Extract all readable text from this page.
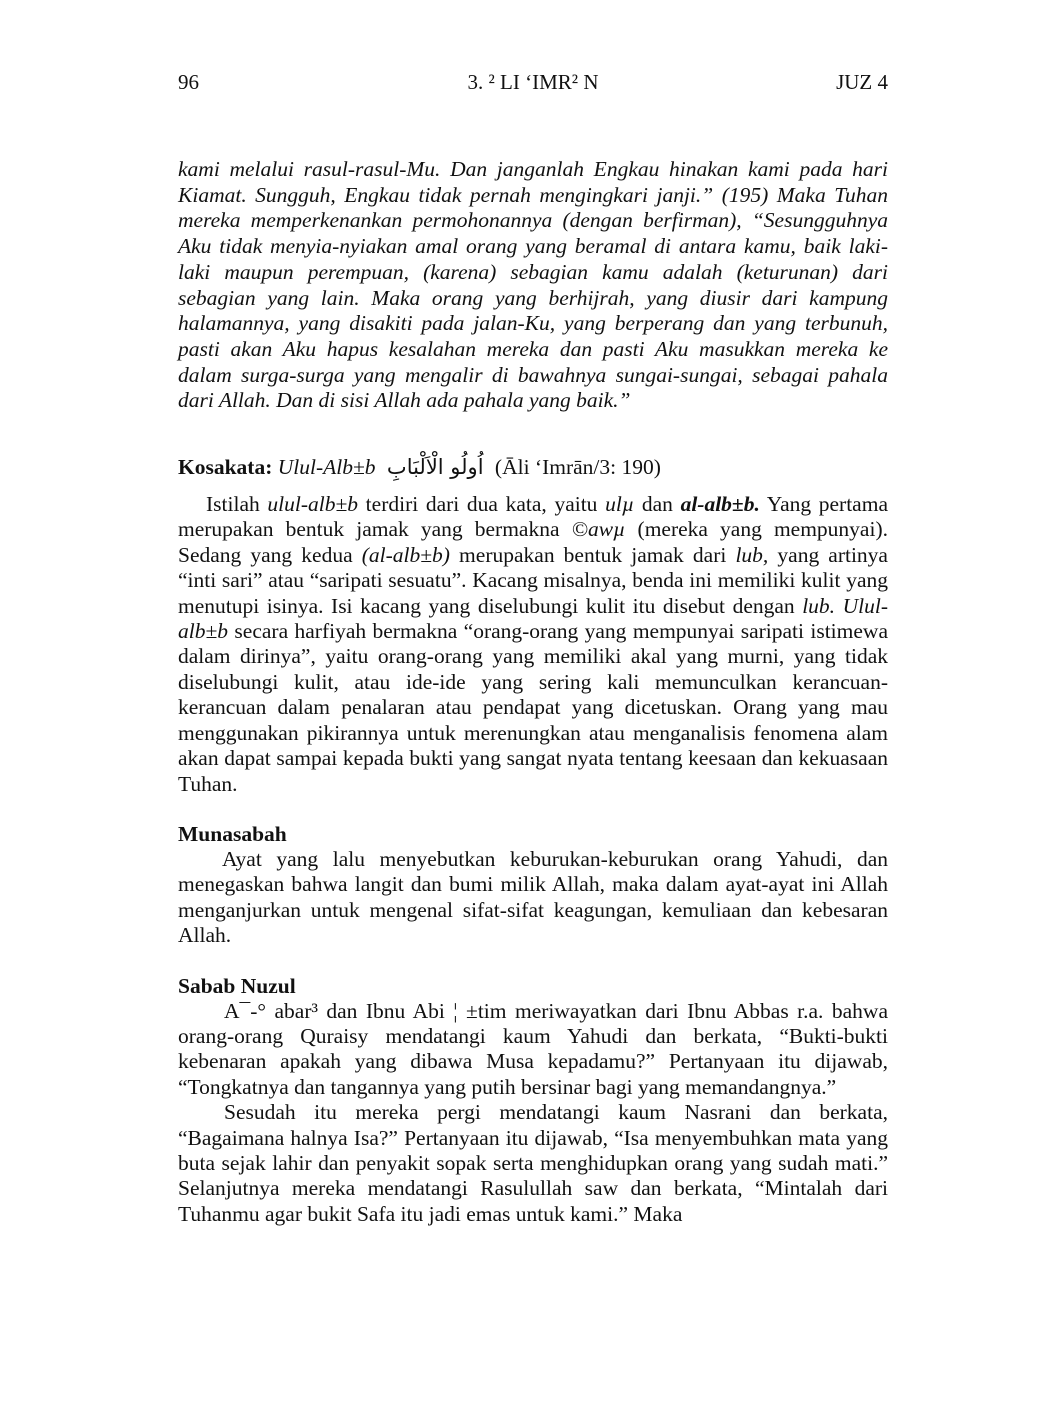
96	3. ² LI ‘IMR² N	JUZ 4

kami melalui rasul-rasul-Mu. Dan janganlah Engkau hinakan kami pada hari Kiamat. Sungguh, Engkau tidak pernah mengingkari janji.” (195) Maka Tuhan mereka memperkenankan permohonannya (dengan berfirman), “Sesungguhnya Aku tidak menyia-nyiakan amal orang yang beramal di antara kamu, baik laki-laki maupun perempuan, (karena) sebagian kamu adalah (keturunan) dari sebagian yang lain. Maka orang yang berhijrah, yang diusir dari kampung halamannya, yang disakiti pada jalan-Ku, yang berperang dan yang terbunuh, pasti akan Aku hapus kesalahan mereka dan pasti Aku masukkan mereka ke dalam surga-surga yang mengalir di bawahnya sungai-sungai, sebagai pahala dari Allah. Dan di sisi Allah ada pahala yang baik.”

Kosakata: Ulul-Alb±b اُولُو الْاَلْبَابِ (Āli ‘Imrān/3: 190)

Istilah ulul-alb±b terdiri dari dua kata, yaitu ulµ dan al-alb±b. Yang pertama merupakan bentuk jamak yang bermakna ©awµ (mereka yang mempunyai). Sedang yang kedua (al-alb±b) merupakan bentuk jamak dari lub, yang artinya “inti sari” atau “saripati sesuatu”. Kacang misalnya, benda ini memiliki kulit yang menutupi isinya. Isi kacang yang diselubungi kulit itu disebut dengan lub. Ulul-alb±b secara harfiyah bermakna “orang-orang yang mempunyai saripati istimewa dalam dirinya”, yaitu orang-orang yang memiliki akal yang murni, yang tidak diselubungi kulit, atau ide-ide yang sering kali memunculkan kerancuan-kerancuan dalam penalaran atau pendapat yang dicetuskan. Orang yang mau menggunakan pikirannya untuk merenungkan atau menganalisis fenomena alam akan dapat sampai kepada bukti yang sangat nyata tentang keesaan dan kekuasaan Tuhan.

Munasabah

Ayat yang lalu menyebutkan keburukan-keburukan orang Yahudi, dan menegaskan bahwa langit dan bumi milik Allah, maka dalam ayat-ayat ini Allah menganjurkan untuk mengenal sifat-sifat keagungan, kemuliaan dan kebesaran Allah.

Sabab Nuzul

A¯-° abar³ dan Ibnu Abi ¦ ±tim meriwayatkan dari Ibnu Abbas r.a. bahwa orang-orang Quraisy mendatangi kaum Yahudi dan berkata, “Bukti-bukti kebenaran apakah yang dibawa Musa kepadamu?” Pertanyaan itu dijawab, “Tongkatnya dan tangannya yang putih bersinar bagi yang memandangnya.”

Sesudah itu mereka pergi mendatangi kaum Nasrani dan berkata, “Bagaimana halnya Isa?” Pertanyaan itu dijawab, “Isa menyembuhkan mata yang buta sejak lahir dan penyakit sopak serta menghidupkan orang yang sudah mati.” Selanjutnya mereka mendatangi Rasulullah saw dan berkata, “Mintalah dari Tuhanmu agar bukit Safa itu jadi emas untuk kami.” Maka
